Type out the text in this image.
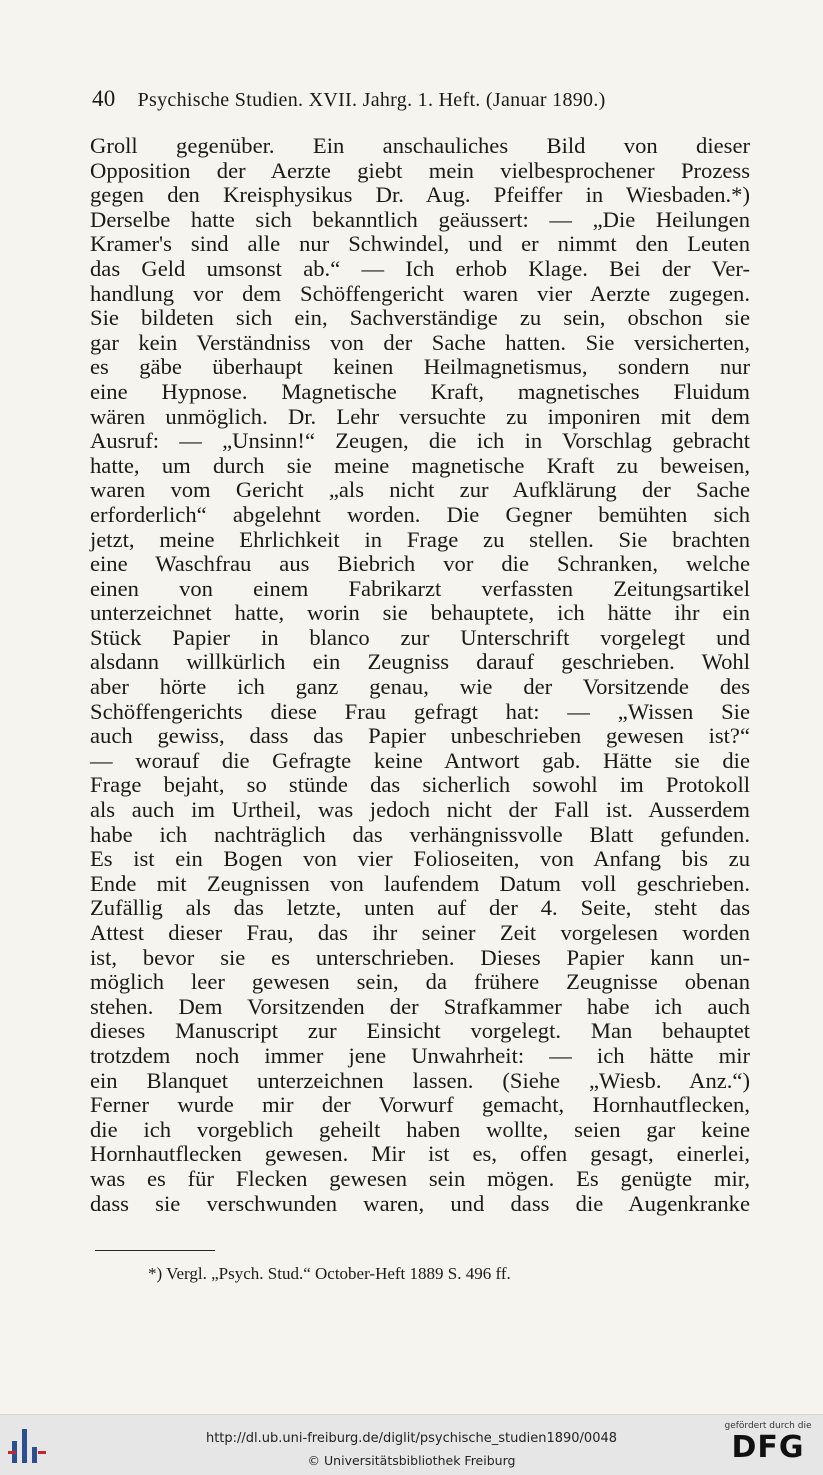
40 Psychische Studien. XVII. Jahrg. 1. Heft. (Januar 1890.)
Groll gegenüber. Ein anschauliches Bild von dieser
Opposition der Aerzte giebt mein vielbesprochener Prozess
gegen den Kreisphysikus Dr. Aug. Pfeiffer in Wiesbaden.*)
Derselbe hatte sich bekanntlich geäussert: — „Die Heilungen
Kramer's sind alle nur Schwindel, und er nimmt den Leuten
das Geld umsonst ab.“ — Ich erhob Klage. Bei der Ver-
handlung vor dem Schöffengericht waren vier Aerzte zugegen.
Sie bildeten sich ein, Sachverständige zu sein, obschon sie
gar kein Verständniss von der Sache hatten. Sie versicherten,
es gäbe überhaupt keinen Heilmagnetismus, sondern nur
eine Hypnose. Magnetische Kraft, magnetisches Fluidum
wären unmöglich. Dr. Lehr versuchte zu imponiren mit dem
Ausruf: — „Unsinn!“ Zeugen, die ich in Vorschlag gebracht
hatte, um durch sie meine magnetische Kraft zu beweisen,
waren vom Gericht „als nicht zur Aufklärung der Sache
erforderlich“ abgelehnt worden. Die Gegner bemühten sich
jetzt, meine Ehrlichkeit in Frage zu stellen. Sie brachten
eine Waschfrau aus Biebrich vor die Schranken, welche
einen von einem Fabrikarzt verfassten Zeitungsartikel
unterzeichnet hatte, worin sie behauptete, ich hätte ihr ein
Stück Papier in blanco zur Unterschrift vorgelegt und
alsdann willkürlich ein Zeugniss darauf geschrieben. Wohl
aber hörte ich ganz genau, wie der Vorsitzende des
Schöffengerichts diese Frau gefragt hat: — „Wissen Sie
auch gewiss, dass das Papier unbeschrieben gewesen ist?“
— worauf die Gefragte keine Antwort gab. Hätte sie die
Frage bejaht, so stünde das sicherlich sowohl im Protokoll
als auch im Urtheil, was jedoch nicht der Fall ist. Ausserdem
habe ich nachträglich das verhängnissvolle Blatt gefunden.
Es ist ein Bogen von vier Folioseiten, von Anfang bis zu
Ende mit Zeugnissen von laufendem Datum voll geschrieben.
Zufällig als das letzte, unten auf der 4. Seite, steht das
Attest dieser Frau, das ihr seiner Zeit vorgelesen worden
ist, bevor sie es unterschrieben. Dieses Papier kann un-
möglich leer gewesen sein, da frühere Zeugnisse obenan
stehen. Dem Vorsitzenden der Strafkammer habe ich auch
dieses Manuscript zur Einsicht vorgelegt. Man behauptet
trotzdem noch immer jene Unwahrheit: — ich hätte mir
ein Blanquet unterzeichnen lassen. (Siehe „Wiesb. Anz.“)
Ferner wurde mir der Vorwurf gemacht, Hornhautflecken,
die ich vorgeblich geheilt haben wollte, seien gar keine
Hornhautflecken gewesen. Mir ist es, offen gesagt, einerlei,
was es für Flecken gewesen sein mögen. Es genügte mir,
dass sie verschwunden waren, und dass die Augenkranke
*) Vergl. „Psych. Stud.“ October-Heft 1889 S. 496 ff.
http://dl.ub.uni-freiburg.de/diglit/psychische_studien1890/0048
© Universitätsbibliothek Freiburg
gefördert durch die
DFG
